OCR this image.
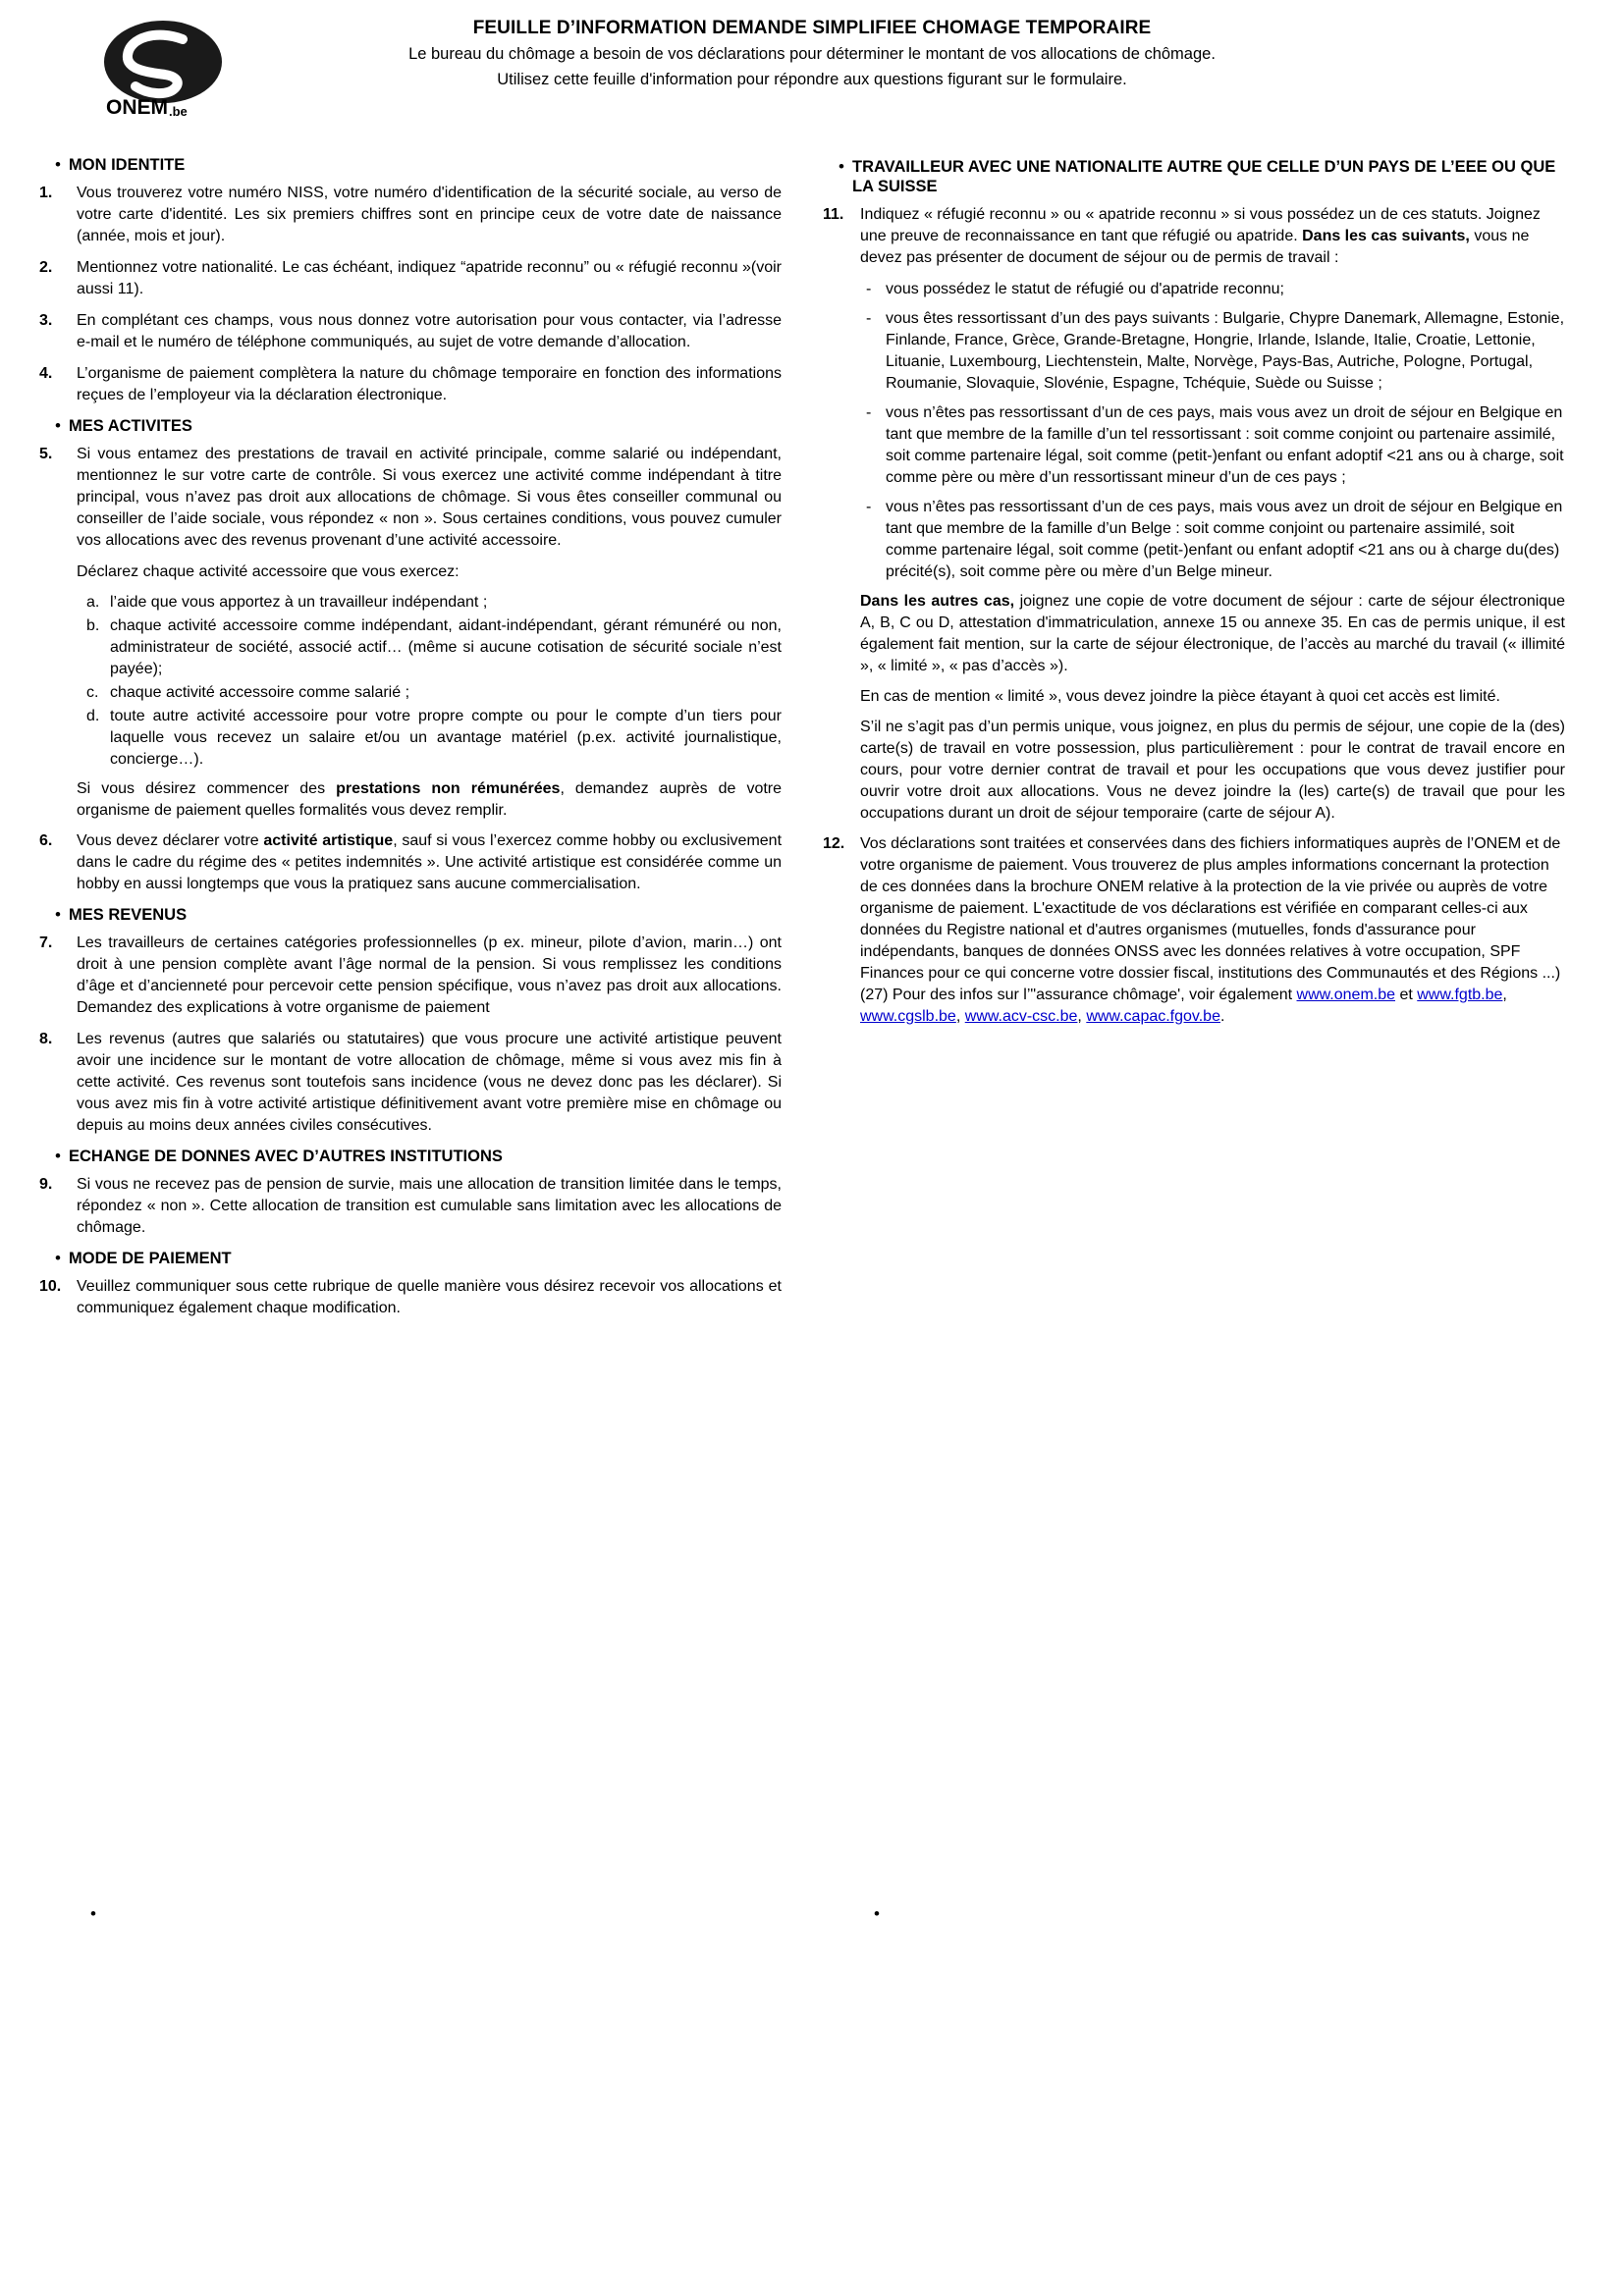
ONEM .be
FEUILLE D’INFORMATION DEMANDE SIMPLIFIEE CHOMAGE TEMPORAIRE
Le bureau du chômage a besoin de vos déclarations pour déterminer le montant de vos allocations de chômage.
Utilisez cette feuille d'information pour répondre aux questions figurant sur le formulaire.
• MON IDENTITE
1.	Vous trouverez votre numéro NISS, votre numéro d'identification de la sécurité sociale, au verso de votre carte d'identité. Les six premiers chiffres sont en principe ceux de votre date de naissance (année, mois et jour).
2.	Mentionnez votre nationalité. Le cas échéant, indiquez “apatride reconnu” ou « réfugié reconnu »(voir aussi 11).
3.	En complétant ces champs, vous nous donnez votre autorisation pour vous contacter, via l’adresse e-mail et le numéro de téléphone communiqués, au sujet de votre demande d’allocation.
4.	L’organisme de paiement complètera la nature du chômage temporaire en fonction des informations reçues de l’employeur via la déclaration électronique.
• MES ACTIVITES
5.	Si vous entamez des prestations de travail en activité principale, comme salarié ou indépendant, mentionnez le sur votre carte de contrôle. Si vous exercez une activité comme indépendant à titre principal, vous n’avez pas droit aux allocations de chômage. Si vous êtes conseiller communal ou conseiller de l’aide sociale, vous répondez « non ». Sous certaines conditions, vous pouvez cumuler vos allocations avec des revenus provenant d’une activité accessoire.

Déclarez chaque activité accessoire que vous exercez:

a. l’aide que vous apportez à un travailleur indépendant ;
b. chaque activité accessoire comme indépendant, aidant-indépendant, gérant rémunéré ou non, administrateur de société, associé actif… (même si aucune cotisation de sécurité sociale n’est payée);
c. chaque activité accessoire comme salarié ;
d. toute autre activité accessoire pour votre propre compte ou pour le compte d’un tiers pour laquelle vous recevez un salaire et/ou un avantage matériel (p.ex. activité journalistique, concierge…).

Si vous désirez commencer des prestations non rémunérées, demandez auprès de votre organisme de paiement quelles formalités vous devez remplir.

6.	Vous devez déclarer votre activité artistique, sauf si vous l’exercez comme hobby ou exclusivement dans le cadre du régime des « petites indemnités ». Une activité artistique est considérée comme un hobby en aussi longtemps que vous la pratiquez sans aucune commercialisation.
• MES REVENUS
7.	Les travailleurs de certaines catégories professionnelles (p ex. mineur, pilote d’avion, marin…) ont droit à une pension complète avant l’âge normal de la pension. Si vous remplissez les conditions d’âge et d’ancienneté pour percevoir cette pension spécifique, vous n’avez pas droit aux allocations. Demandez des explications à votre organisme de paiement
8.	Les revenus (autres que salariés ou statutaires) que vous procure une activité artistique peuvent avoir une incidence sur le montant de votre allocation de chômage, même si vous avez mis fin à cette activité. Ces revenus sont toutefois sans incidence (vous ne devez donc pas les déclarer). Si vous avez mis fin à votre activité artistique définitivement avant votre première mise en chômage ou depuis au moins deux années civiles consécutives.
• ECHANGE DE DONNES AVEC D’AUTRES INSTITUTIONS
9.	Si vous ne recevez pas de pension de survie, mais une allocation de transition limitée dans le temps, répondez « non ». Cette allocation de transition est cumulable sans limitation avec les allocations de chômage.
• MODE DE PAIEMENT
10. Veuillez communiquer sous cette rubrique de quelle manière vous désirez recevoir vos allocations et communiquez également chaque modification.
• TRAVAILLEUR AVEC UNE NATIONALITE AUTRE QUE CELLE D’UN PAYS DE L’EEE OU QUE LA SUISSE
11.	Indiquez « réfugié reconnu » ou « apatride reconnu » si vous possédez un de ces statuts. Joignez une preuve de reconnaissance en tant que réfugié ou apatride. Dans les cas suivants, vous ne devez pas présenter de document de séjour ou de permis de travail :
- vous possédez le statut de réfugié ou d'apatride reconnu;
- vous êtes ressortissant d’un des pays suivants : Bulgarie, Chypre Danemark, Allemagne, Estonie, Finlande, France, Grèce, Grande-Bretagne, Hongrie, Irlande, Islande, Italie, Croatie, Lettonie, Lituanie, Luxembourg, Liechtenstein, Malte, Norvège, Pays-Bas, Autriche, Pologne, Portugal, Roumanie, Slovaquie, Slovénie, Espagne, Tchéquie, Suède ou Suisse ;
- vous n’êtes pas ressortissant d’un de ces pays, mais vous avez un droit de séjour en Belgique en tant que membre de la famille d’un tel ressortissant : soit comme conjoint ou partenaire assimilé, soit comme partenaire légal, soit comme (petit-)enfant ou enfant adoptif <21 ans ou à charge, soit comme père ou mère d’un ressortissant mineur d’un de ces pays ;
- vous n’êtes pas ressortissant d’un de ces pays, mais vous avez un droit de séjour en Belgique en tant que membre de la famille d’un Belge : soit comme conjoint ou partenaire assimilé, soit comme partenaire légal, soit comme (petit-)enfant ou enfant adoptif <21 ans ou à charge du(des) précité(s), soit comme père ou mère d’un Belge mineur.

Dans les autres cas, joignez une copie de votre document de séjour : carte de séjour électronique A, B, C ou D, attestation d'immatriculation, annexe 15 ou annexe 35. En cas de permis unique, il est également fait mention, sur la carte de séjour électronique, de l’accès au marché du travail (« illimité », « limité », « pas d’accès »).

En cas de mention « limité », vous devez joindre la pièce étayant à quoi cet accès est limité.

S’il ne s’agit pas d’un permis unique, vous joignez, en plus du permis de séjour, une copie de la (des) carte(s) de travail en votre possession, plus particulièrement : pour le contrat de travail encore en cours, pour votre dernier contrat de travail et pour les occupations que vous devez justifier pour ouvrir votre droit aux allocations. Vous ne devez joindre la (les) carte(s) de travail que pour les occupations durant un droit de séjour temporaire (carte de séjour A).

12. Vos déclarations sont traitées et conservées dans des fichiers informatiques auprès de l’ONEM et de votre organisme de paiement. Vous trouverez de plus amples informations concernant la protection de ces données dans la brochure ONEM relative à la protection de la vie privée ou auprès de votre organisme de paiement. L'exactitude de vos déclarations est vérifiée en comparant celles-ci aux données du Registre national et d'autres organismes (mutuelles, fonds d'assurance pour indépendants, banques de données ONSS avec les données relatives à votre occupation, SPF Finances pour ce qui concerne votre dossier fiscal, institutions des Communautés et des Régions ...) (27) Pour des infos sur l’"assurance chômage', voir également www.onem.be et www.fgtb.be, www.cgslb.be, www.acv-csc.be, www.capac.fgov.be.
•	•
